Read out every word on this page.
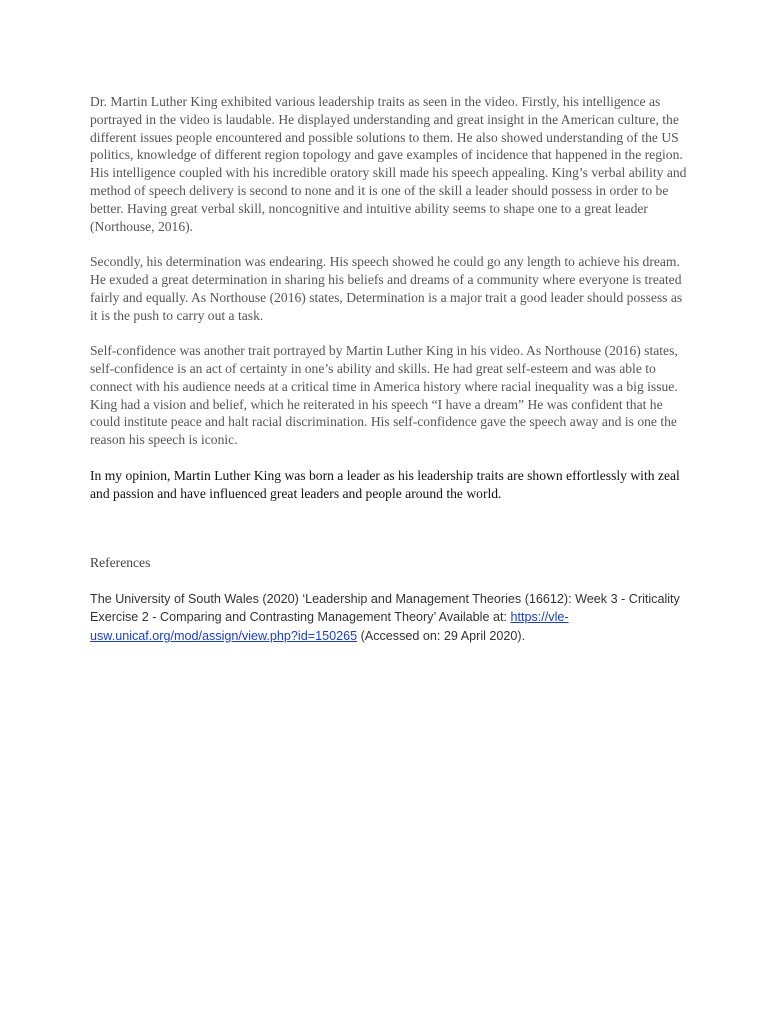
Dr. Martin Luther King exhibited various leadership traits as seen in the video. Firstly, his intelligence as portrayed in the video is laudable. He displayed understanding and great insight in the American culture, the different issues people encountered and possible solutions to them. He also showed understanding of the US politics, knowledge of different region topology and gave examples of incidence that happened in the region. His intelligence coupled with his incredible oratory skill made his speech appealing. King’s verbal ability and method of speech delivery is second to none and it is one of the skill a leader should possess in order to be better. Having great verbal skill, noncognitive and intuitive ability seems to shape one to a great leader (Northouse, 2016).

Secondly, his determination was endearing. His speech showed he could go any length to achieve his dream. He exuded a great determination in sharing his beliefs and dreams of a community where everyone is treated fairly and equally. As Northouse (2016) states, Determination is a major trait a good leader should possess as it is the push to carry out a task.

Self-confidence was another trait portrayed by Martin Luther King in his video. As Northouse (2016) states, self-confidence is an act of certainty in one’s ability and skills. He had great self-esteem and was able to connect with his audience needs at a critical time in America history where racial inequality was a big issue. King had a vision and belief, which he reiterated in his speech “I have a dream” He was confident that he could institute peace and halt racial discrimination. His self-confidence gave the speech away and is one the reason his speech is iconic.

In my opinion, Martin Luther King was born a leader as his leadership traits are shown effortlessly with zeal and passion and have influenced great leaders and people around the world.

References

The University of South Wales (2020) ‘Leadership and Management Theories (16612): Week 3 - Criticality Exercise 2 - Comparing and Contrasting Management Theory’ Available at: https://vle-usw.unicaf.org/mod/assign/view.php?id=150265 (Accessed on: 29 April 2020).
